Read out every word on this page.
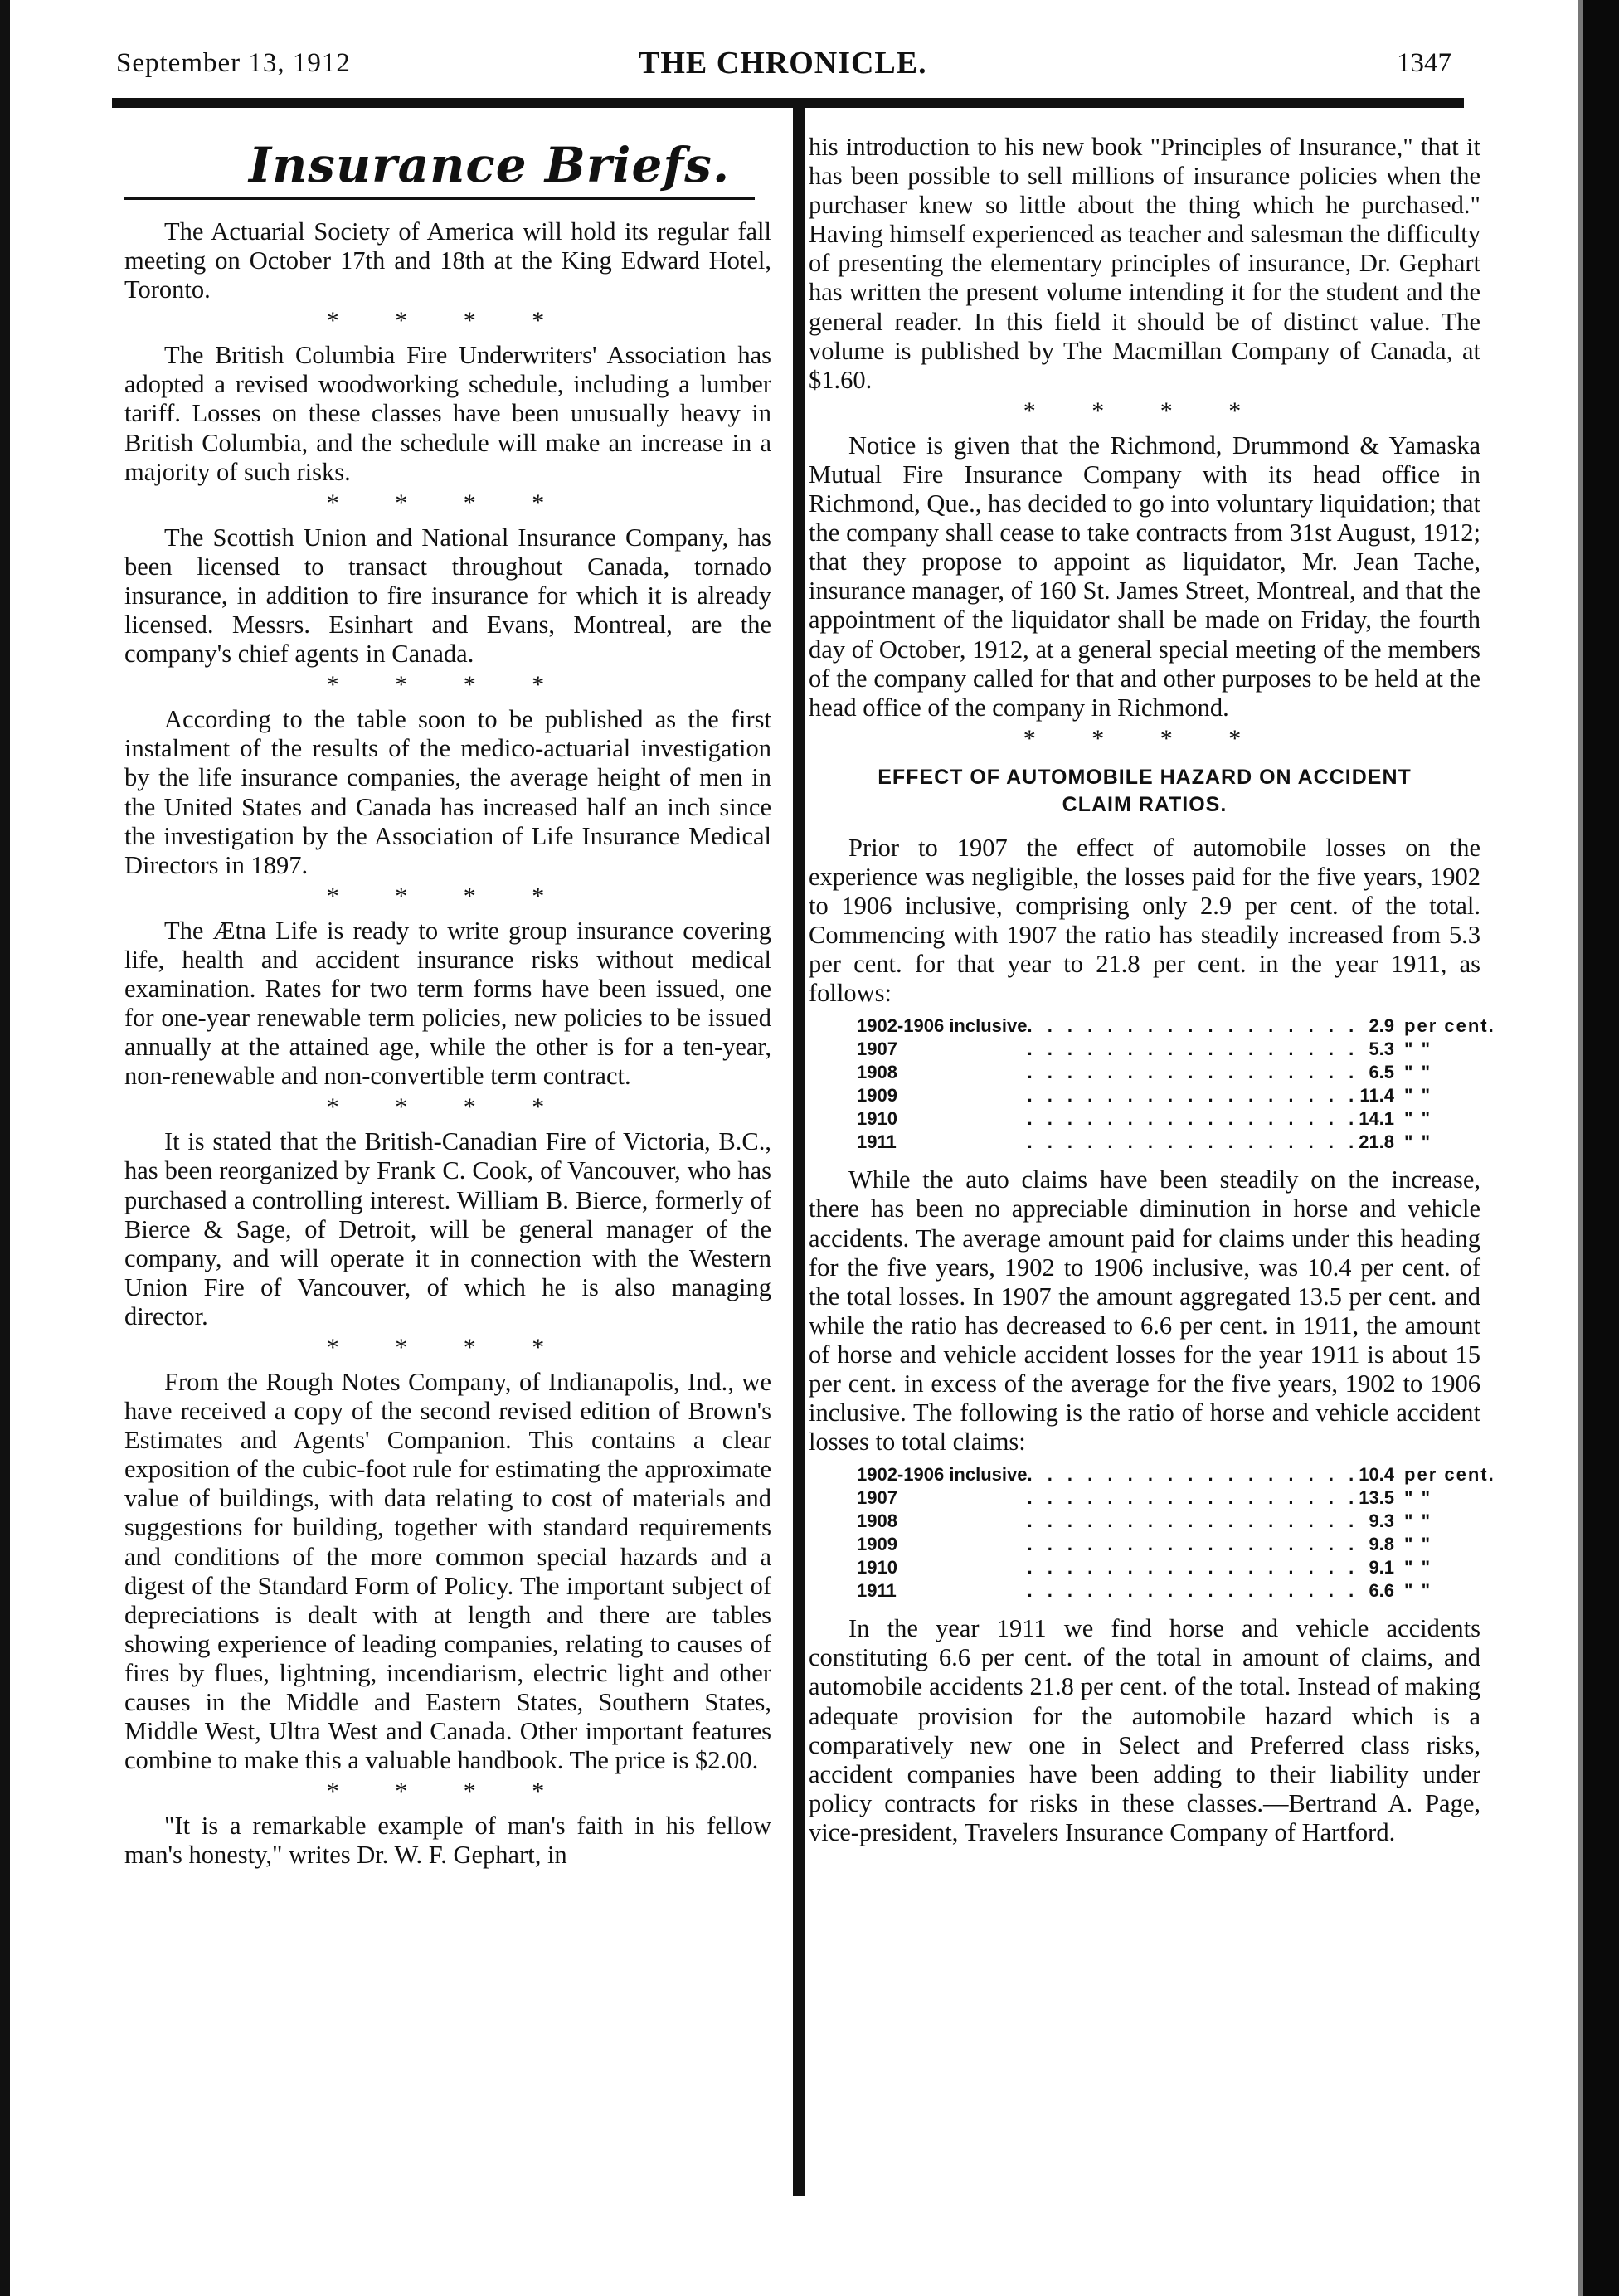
September 13, 1912	THE CHRONICLE.	1347
Insurance Briefs.

The Actuarial Society of America will hold its regular fall meeting on October 17th and 18th at the King Edward Hotel, Toronto.

* * * *

The British Columbia Fire Underwriters' Association has adopted a revised woodworking schedule, including a lumber tariff. Losses on these classes have been unusually heavy in British Columbia, and the schedule will make an increase in a majority of such risks.

* * * *

The Scottish Union and National Insurance Company, has been licensed to transact throughout Canada, tornado insurance, in addition to fire insurance for which it is already licensed. Messrs. Esinhart and Evans, Montreal, are the company's chief agents in Canada.

* * * *

According to the table soon to be published as the first instalment of the results of the medico-actuarial investigation by the life insurance companies, the average height of men in the United States and Canada has increased half an inch since the investigation by the Association of Life Insurance Medical Directors in 1897.

* * * *

The Ætna Life is ready to write group insurance covering life, health and accident insurance risks without medical examination. Rates for two term forms have been issued, one for one-year renewable term policies, new policies to be issued annually at the attained age, while the other is for a ten-year, non-renewable and non-convertible term contract.

* * * *

It is stated that the British-Canadian Fire of Victoria, B.C., has been reorganized by Frank C. Cook, of Vancouver, who has purchased a controlling interest. William B. Bierce, formerly of Bierce & Sage, of Detroit, will be general manager of the company, and will operate it in connection with the Western Union Fire of Vancouver, of which he is also managing director.

* * * *

From the Rough Notes Company, of Indianapolis, Ind., we have received a copy of the second revised edition of Brown's Estimates and Agents' Companion. This contains a clear exposition of the cubic-foot rule for estimating the approximate value of buildings, with data relating to cost of materials and suggestions for building, together with standard requirements and conditions of the more common special hazards and a digest of the Standard Form of Policy. The important subject of depreciations is dealt with at length and there are tables showing experience of leading companies, relating to causes of fires by flues, lightning, incendiarism, electric light and other causes in the Middle and Eastern States, Southern States, Middle West, Ultra West and Canada. Other important features combine to make this a valuable handbook. The price is $2.00.

* * * *

"It is a remarkable example of man's faith in his fellow man's honesty," writes Dr. W. F. Gephart, in

his introduction to his new book "Principles of Insurance," that it has been possible to sell millions of insurance policies when the purchaser knew so little about the thing which he purchased." Having himself experienced as teacher and salesman the difficulty of presenting the elementary principles of insurance, Dr. Gephart has written the present volume intending it for the student and the general reader. In this field it should be of distinct value. The volume is published by The Macmillan Company of Canada, at $1.60.

* * * *

Notice is given that the Richmond, Drummond & Yamaska Mutual Fire Insurance Company with its head office in Richmond, Que., has decided to go into voluntary liquidation; that the company shall cease to take contracts from 31st August, 1912; that they propose to appoint as liquidator, Mr. Jean Tache, insurance manager, of 160 St. James Street, Montreal, and that the appointment of the liquidator shall be made on Friday, the fourth day of October, 1912, at a general special meeting of the members of the company called for that and other purposes to be held at the head office of the company in Richmond.

* * * *
EFFECT OF AUTOMOBILE HAZARD ON ACCIDENT
CLAIM RATIOS.

Prior to 1907 the effect of automobile losses on the experience was negligible, the losses paid for the five years, 1902 to 1906 inclusive, comprising only 2.9 per cent. of the total. Commencing with 1907 the ratio has steadily increased from 5.3 per cent. for that year to 21.8 per cent. in the year 1911, as follows:

1902-1906 inclusive	. . . . . . . . . . . . . . . . .	2.9	per cent.
1907	. . . . . . . . . . . . . . . . .	5.3	" "
1908	. . . . . . . . . . . . . . . . .	6.5	" "
1909	. . . . . . . . . . . . . . . . .	11.4	" "
1910	. . . . . . . . . . . . . . . . .	14.1	" "
1911	. . . . . . . . . . . . . . . . .	21.8	" "

While the auto claims have been steadily on the increase, there has been no appreciable diminution in horse and vehicle accidents. The average amount paid for claims under this heading for the five years, 1902 to 1906 inclusive, was 10.4 per cent. of the total losses. In 1907 the amount aggregated 13.5 per cent. and while the ratio has decreased to 6.6 per cent. in 1911, the amount of horse and vehicle accident losses for the year 1911 is about 15 per cent. in excess of the average for the five years, 1902 to 1906 inclusive. The following is the ratio of horse and vehicle accident losses to total claims:

1902-1906 inclusive	. . . . . . . . . . . . . . . . .	10.4	per cent.
1907	. . . . . . . . . . . . . . . . .	13.5	" "
1908	. . . . . . . . . . . . . . . . .	9.3	" "
1909	. . . . . . . . . . . . . . . . .	9.8	" "
1910	. . . . . . . . . . . . . . . . .	9.1	" "
1911	. . . . . . . . . . . . . . . . .	6.6	" "

In the year 1911 we find horse and vehicle accidents constituting 6.6 per cent. of the total in amount of claims, and automobile accidents 21.8 per cent. of the total. Instead of making adequate provision for the automobile hazard which is a comparatively new one in Select and Preferred class risks, accident companies have been adding to their liability under policy contracts for risks in these classes.—Bertrand A. Page, vice-president, Travelers Insurance Company of Hartford.
